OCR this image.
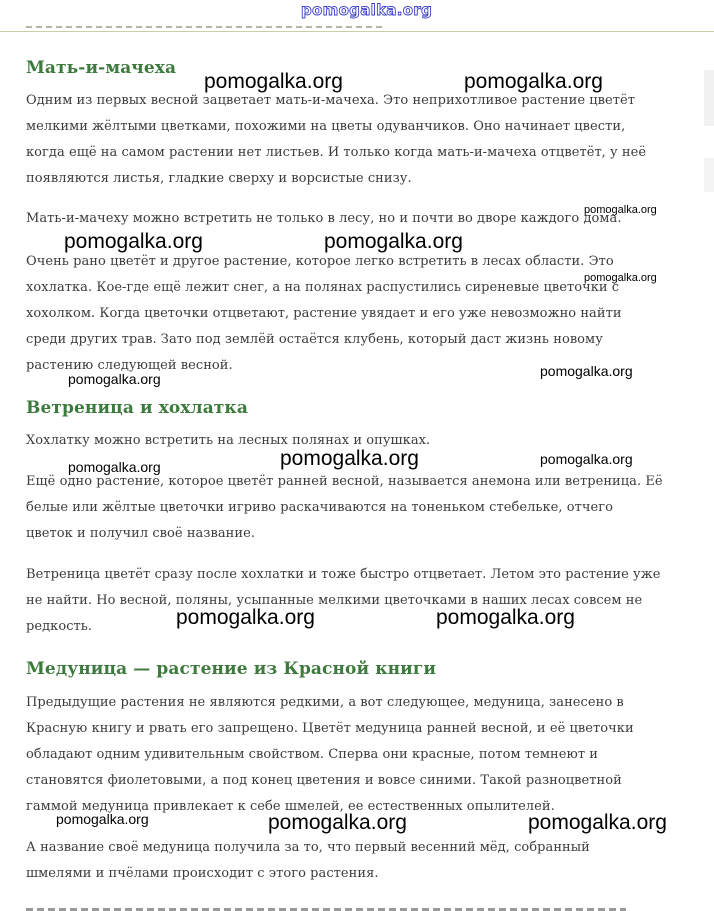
pomogalka.org
Мать-и-мачеха

Одним из первых весной зацветает мать-и-мачеха. Это неприхотливое растение цветёт

мелкими жёлтыми цветками, похожими на цветы одуванчиков. Оно начинает цвести,

когда ещё на самом растении нет листьев. И только когда мать-и-мачеха отцветёт, у неё

появляются листья, гладкие сверху и ворсистые снизу.

Мать-и-мачеху можно встретить не только в лесу, но и почти во дворе каждого дома.

Очень рано цветёт и другое растение, которое легко встретить в лесах области. Это

хохлатка. Кое-где ещё лежит снег, а на полянах распустились сиреневые цветочки с

хохолком. Когда цветочки отцветают, растение увядает и его уже невозможно найти

среди других трав. Зато под землёй остаётся клубень, который даст жизнь новому

растению следующей весной.

Ветреница и хохлатка

Хохлатку можно встретить на лесных полянах и опушках.

Ещё одно растение, которое цветёт ранней весной, называется анемона или ветреница. Её

белые или жёлтые цветочки игриво раскачиваются на тоненьком стебельке, отчего

цветок и получил своё название.

Ветреница цветёт сразу после хохлатки и тоже быстро отцветает. Летом это растение уже

не найти. Но весной, поляны, усыпанные мелкими цветочками в наших лесах совсем не

редкость.

Медуница — растение из Красной книги

Предыдущие растения не являются редкими, а вот следующее, медуница, занесено в

Красную книгу и рвать его запрещено. Цветёт медуница ранней весной, и её цветочки

обладают одним удивительным свойством. Сперва они красные, потом темнеют и

становятся фиолетовыми, а под конец цветения и вовсе синими. Такой разноцветной

гаммой медуница привлекает к себе шмелей, ее естественных опылителей.

А название своё медуница получила за то, что первый весенний мёд, собранный

шмелями и пчёлами происходит с этого растения.

pomogalka.org	pomogalka.org
pomogalka.org
pomogalka.org	pomogalka.org
pomogalka.org
pomogalka.org	pomogalka.org
pomogalka.org	pomogalka.org	pomogalka.org
pomogalka.org	pomogalka.org
pomogalka.org	pomogalka.org	pomogalka.org
